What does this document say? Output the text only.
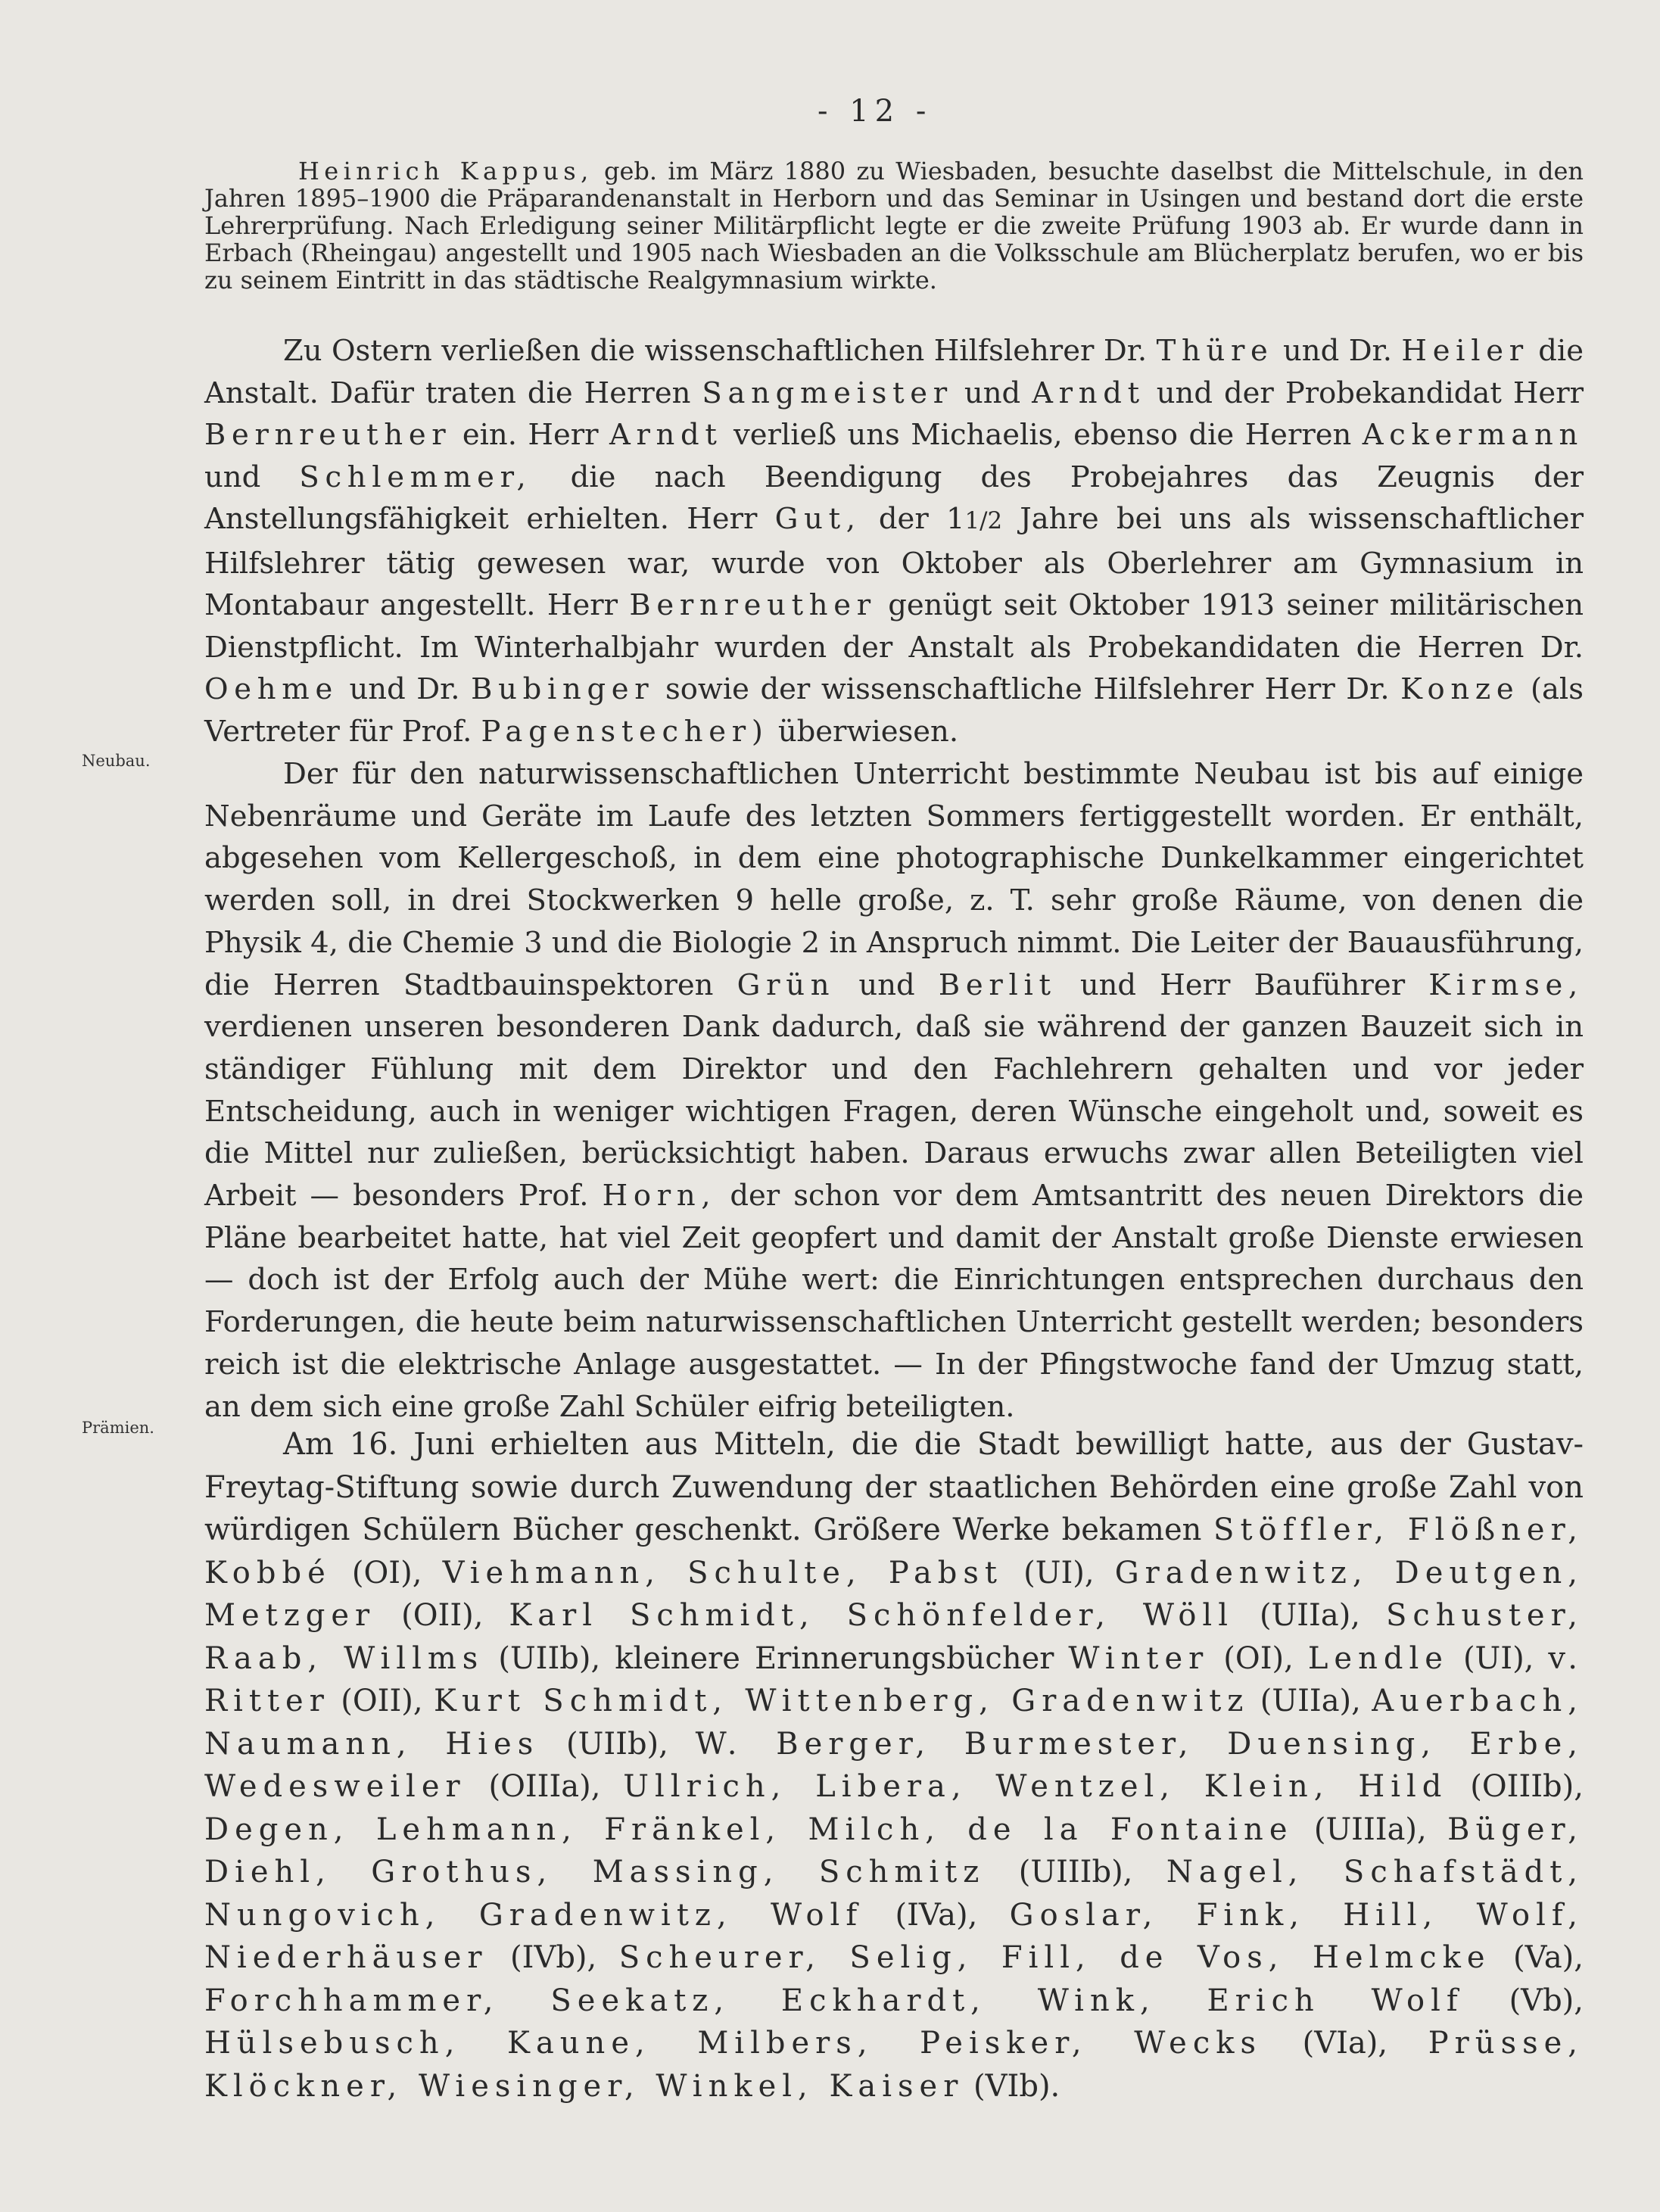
- 12 -

Heinrich Kappus, geb. im März 1880 zu Wiesbaden, besuchte daselbst die Mittelschule, in den Jahren 1895–1900 die Präparandenanstalt in Herborn und das Seminar in Usingen und bestand dort die erste Lehrerprüfung. Nach Erledigung seiner Militärpflicht legte er die zweite Prüfung 1903 ab. Er wurde dann in Erbach (Rheingau) angestellt und 1905 nach Wiesbaden an die Volksschule am Blücherplatz berufen, wo er bis zu seinem Eintritt in das städtische Realgymnasium wirkte.

Zu Ostern verließen die wissenschaftlichen Hilfslehrer Dr. Thüre und Dr. Heiler die Anstalt. Dafür traten die Herren Sangmeister und Arndt und der Probekandidat Herr Bernreuther ein. Herr Arndt verließ uns Michaelis, ebenso die Herren Ackermann und Schlemmer, die nach Beendigung des Probejahres das Zeugnis der Anstellungsfähigkeit erhielten. Herr Gut, der 11/2 Jahre bei uns als wissenschaftlicher Hilfslehrer tätig gewesen war, wurde von Oktober als Oberlehrer am Gymnasium in Montabaur angestellt. Herr Bernreuther genügt seit Oktober 1913 seiner militärischen Dienstpflicht. Im Winterhalbjahr wurden der Anstalt als Probekandidaten die Herren Dr. Oehme und Dr. Bubinger sowie der wissenschaftliche Hilfslehrer Herr Dr. Konze (als Vertreter für Prof. Pagenstecher) überwiesen.

Neubau.	Der für den naturwissenschaftlichen Unterricht bestimmte Neubau ist bis auf einige Nebenräume und Geräte im Laufe des letzten Sommers fertiggestellt worden. Er enthält, abgesehen vom Kellergeschoß, in dem eine photographische Dunkelkammer eingerichtet werden soll, in drei Stockwerken 9 helle große, z. T. sehr große Räume, von denen die Physik 4, die Chemie 3 und die Biologie 2 in Anspruch nimmt. Die Leiter der Bauausführung, die Herren Stadtbauinspektoren Grün und Berlit und Herr Bauführer Kirmse, verdienen unseren besonderen Dank dadurch, daß sie während der ganzen Bauzeit sich in ständiger Fühlung mit dem Direktor und den Fachlehrern gehalten und vor jeder Entscheidung, auch in weniger wichtigen Fragen, deren Wünsche eingeholt und, soweit es die Mittel nur zuließen, berücksichtigt haben. Daraus erwuchs zwar allen Beteiligten viel Arbeit — besonders Prof. Horn, der schon vor dem Amtsantritt des neuen Direktors die Pläne bearbeitet hatte, hat viel Zeit geopfert und damit der Anstalt große Dienste erwiesen — doch ist der Erfolg auch der Mühe wert: die Einrichtungen entsprechen durchaus den Forderungen, die heute beim naturwissenschaftlichen Unterricht gestellt werden; besonders reich ist die elektrische Anlage ausgestattet. — In der Pfingstwoche fand der Umzug statt, an dem sich eine große Zahl Schüler eifrig beteiligten.

Prämien.	Am 16. Juni erhielten aus Mitteln, die die Stadt bewilligt hatte, aus der Gustav-Freytag-Stiftung sowie durch Zuwendung der staatlichen Behörden eine große Zahl von würdigen Schülern Bücher geschenkt. Größere Werke bekamen Stöffler, Flößner, Kobbé (OI), Viehmann, Schulte, Pabst (UI), Gradenwitz, Deutgen, Metzger (OII), Karl Schmidt, Schönfelder, Wöll (UIIa), Schuster, Raab, Willms (UIIb), kleinere Erinnerungsbücher Winter (OI), Lendle (UI), v. Ritter (OII), Kurt Schmidt, Wittenberg, Gradenwitz (UIIa), Auerbach, Naumann, Hies (UIIb), W. Berger, Burmester, Duensing, Erbe, Wedesweiler (OIIIa), Ullrich, Libera, Wentzel, Klein, Hild (OIIIb), Degen, Lehmann, Fränkel, Milch, de la Fontaine (UIIIa), Büger, Diehl, Grothus, Massing, Schmitz (UIIIb), Nagel, Schafstädt, Nungovich, Gradenwitz, Wolf (IVa), Goslar, Fink, Hill, Wolf, Niederhäuser (IVb), Scheurer, Selig, Fill, de Vos, Helmcke (Va), Forchhammer, Seekatz, Eckhardt, Wink, Erich Wolf (Vb), Hülsebusch, Kaune, Milbers, Peisker, Wecks (VIa), Prüsse, Klöckner, Wiesinger, Winkel, Kaiser (VIb).
